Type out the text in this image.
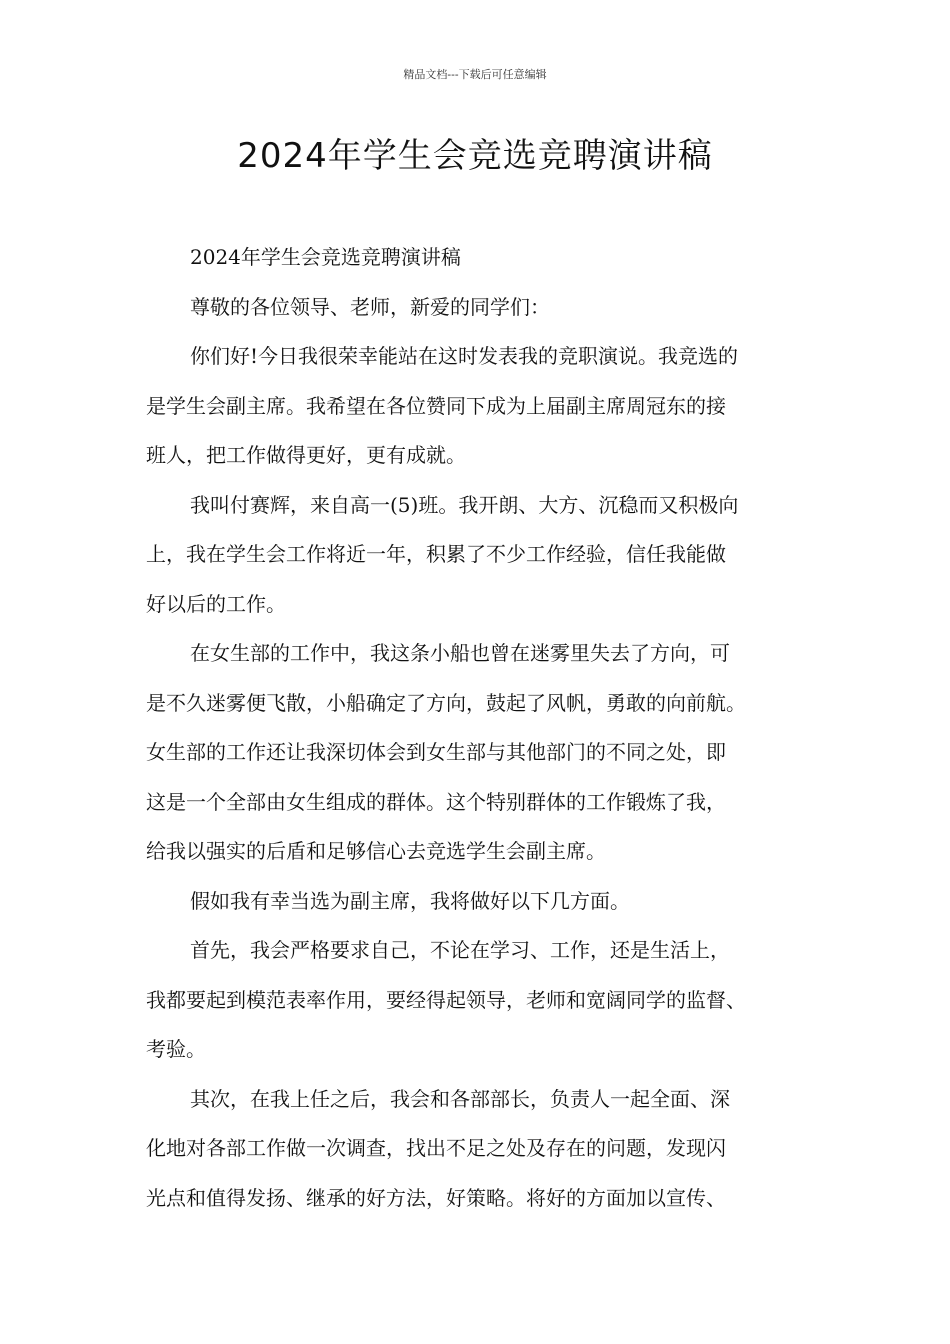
精品文档---下载后可任意编辑
2024年学生会竞选竞聘演讲稿

2024年学生会竞选竞聘演讲稿

尊敬的各位领导、老师，新爱的同学们：

你们好!今日我很荣幸能站在这时发表我的竞职演说。我竞选的

是学生会副主席。我希望在各位赞同下成为上届副主席周冠东的接

班人，把工作做得更好，更有成就。

我叫付赛辉，来自高一(5)班。我开朗、大方、沉稳而又积极向

上，我在学生会工作将近一年，积累了不少工作经验，信任我能做

好以后的工作。

在女生部的工作中，我这条小船也曾在迷雾里失去了方向，可

是不久迷雾便飞散，小船确定了方向，鼓起了风帆，勇敢的向前航。

女生部的工作还让我深切体会到女生部与其他部门的不同之处，即

这是一个全部由女生组成的群体。这个特别群体的工作锻炼了我，

给我以强实的后盾和足够信心去竞选学生会副主席。

假如我有幸当选为副主席，我将做好以下几方面。

首先，我会严格要求自己，不论在学习、工作，还是生活上，

我都要起到模范表率作用，要经得起领导，老师和宽阔同学的监督、

考验。

其次，在我上任之后，我会和各部部长，负责人一起全面、深

化地对各部工作做一次调查，找出不足之处及存在的问题，发现闪

光点和值得发扬、继承的好方法，好策略。将好的方面加以宣传、
